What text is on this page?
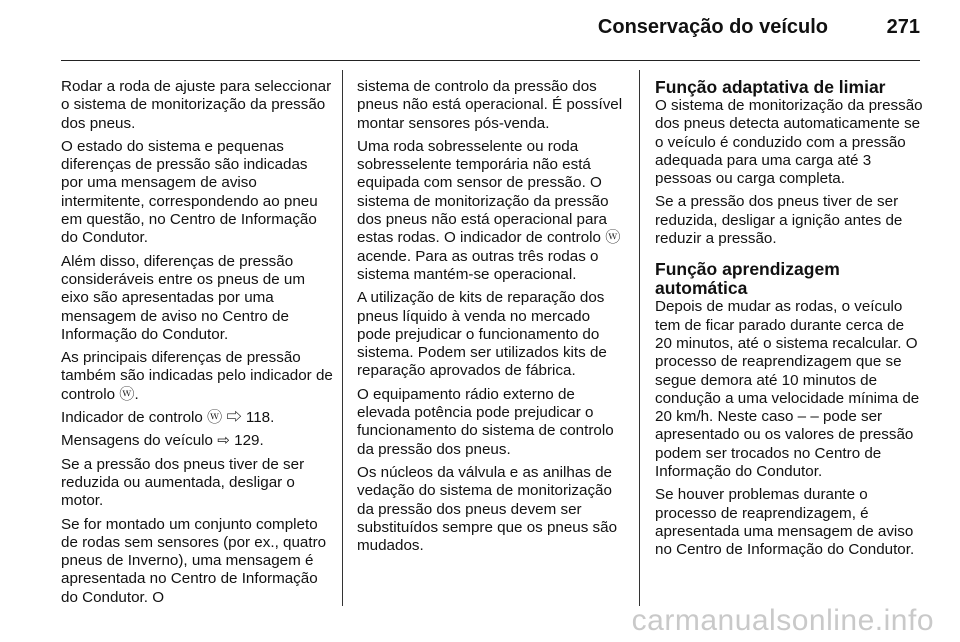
Conservação do veículo	271

Rodar a roda de ajuste para seleccionar o sistema de monitorização da pressão dos pneus.

O estado do sistema e pequenas diferenças de pressão são indicadas por uma mensagem de aviso intermitente, correspondendo ao pneu em questão, no Centro de Informação do Condutor.

Além disso, diferenças de pressão consideráveis entre os pneus de um eixo são apresentadas por uma mensagem de aviso no Centro de Informação do Condutor.

As principais diferenças de pressão também são indicadas pelo indicador de controlo ⓦ.

Indicador de controlo ⓦ ⇨ 118.

Mensagens do veículo ⇨ 129.

Se a pressão dos pneus tiver de ser reduzida ou aumentada, desligar o motor.

Se for montado um conjunto completo de rodas sem sensores (por ex., quatro pneus de Inverno), uma mensagem é apresentada no Centro de Informação do Condutor. O

sistema de controlo da pressão dos pneus não está operacional. É possível montar sensores pós-venda.

Uma roda sobresselente ou roda sobresselente temporária não está equipada com sensor de pressão. O sistema de monitorização da pressão dos pneus não está operacional para estas rodas. O indicador de controlo ⓦ acende. Para as outras três rodas o sistema mantém-se operacional.

A utilização de kits de reparação dos pneus líquido à venda no mercado pode prejudicar o funcionamento do sistema. Podem ser utilizados kits de reparação aprovados de fábrica.

O equipamento rádio externo de elevada potência pode prejudicar o funcionamento do sistema de controlo da pressão dos pneus.

Os núcleos da válvula e as anilhas de vedação do sistema de monitorização da pressão dos pneus devem ser substituídos sempre que os pneus são mudados.

Função adaptativa de limiar

O sistema de monitorização da pressão dos pneus detecta automaticamente se o veículo é conduzido com a pressão adequada para uma carga até 3 pessoas ou carga completa.

Se a pressão dos pneus tiver de ser reduzida, desligar a ignição antes de reduzir a pressão.

Função aprendizagem automática

Depois de mudar as rodas, o veículo tem de ficar parado durante cerca de 20 minutos, até o sistema recalcular. O processo de reaprendizagem que se segue demora até 10 minutos de condução a uma velocidade mínima de 20 km/h. Neste caso ‒ ‒ pode ser apresentado ou os valores de pressão podem ser trocados no Centro de Informação do Condutor.

Se houver problemas durante o processo de reaprendizagem, é apresentada uma mensagem de aviso no Centro de Informação do Condutor.

carmanualsonline.info
